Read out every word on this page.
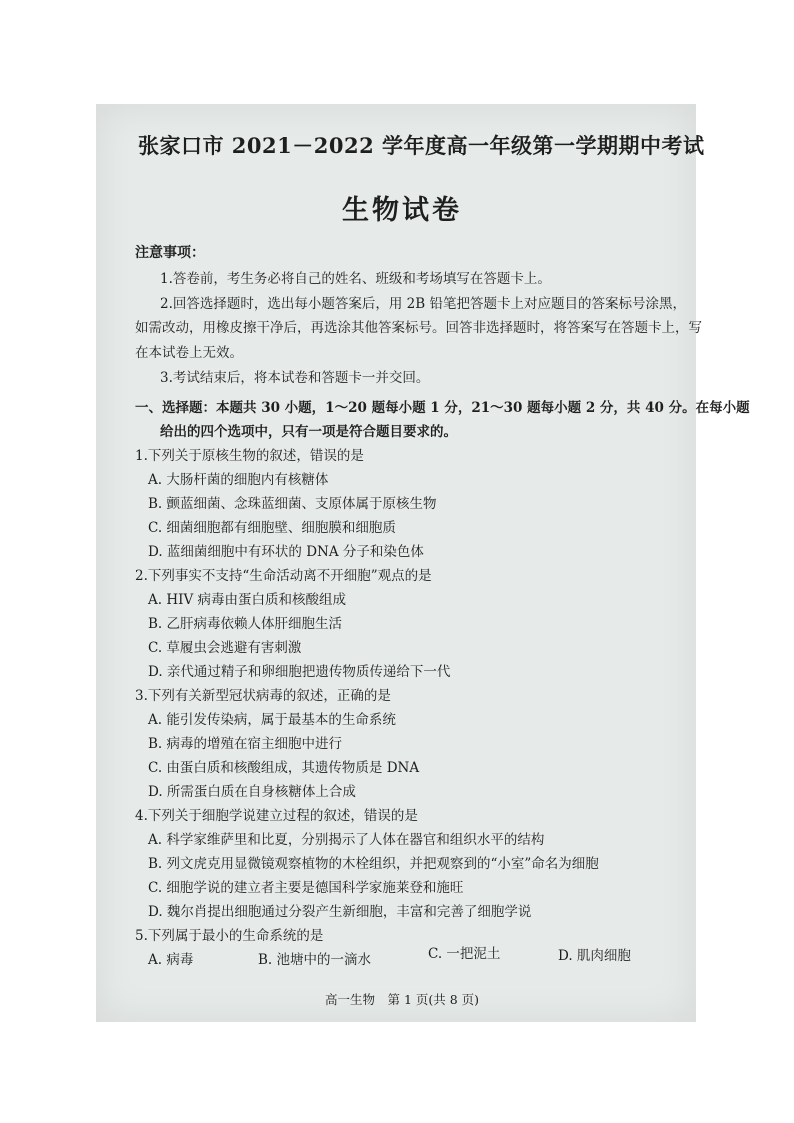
张家口市 2021－2022 学年度高一年级第一学期期中考试
生物试卷
注意事项：
1.答卷前，考生务必将自己的姓名、班级和考场填写在答题卡上。
2.回答选择题时，选出每小题答案后，用 2B 铅笔把答题卡上对应题目的答案标号涂黑，
如需改动，用橡皮擦干净后，再选涂其他答案标号。回答非选择题时，将答案写在答题卡上，写
在本试卷上无效。
3.考试结束后，将本试卷和答题卡一并交回。
一、选择题：本题共 30 小题，1～20 题每小题 1 分，21～30 题每小题 2 分，共 40 分。在每小题
给出的四个选项中，只有一项是符合题目要求的。
1.下列关于原核生物的叙述，错误的是
A. 大肠杆菌的细胞内有核糖体
B. 颤蓝细菌、念珠蓝细菌、支原体属于原核生物
C. 细菌细胞都有细胞壁、细胞膜和细胞质
D. 蓝细菌细胞中有环状的 DNA 分子和染色体
2.下列事实不支持“生命活动离不开细胞”观点的是
A. HIV 病毒由蛋白质和核酸组成
B. 乙肝病毒依赖人体肝细胞生活
C. 草履虫会逃避有害刺激
D. 亲代通过精子和卵细胞把遗传物质传递给下一代
3.下列有关新型冠状病毒的叙述，正确的是
A. 能引发传染病，属于最基本的生命系统
B. 病毒的增殖在宿主细胞中进行
C. 由蛋白质和核酸组成，其遗传物质是 DNA
D. 所需蛋白质在自身核糖体上合成
4.下列关于细胞学说建立过程的叙述，错误的是
A. 科学家维萨里和比夏，分别揭示了人体在器官和组织水平的结构
B. 列文虎克用显微镜观察植物的木栓组织，并把观察到的“小室”命名为细胞
C. 细胞学说的建立者主要是德国科学家施莱登和施旺
D. 魏尔肖提出细胞通过分裂产生新细胞，丰富和完善了细胞学说
5.下列属于最小的生命系统的是
A. 病毒	B. 池塘中的一滴水	C. 一把泥土	D. 肌肉细胞
高一生物　第 1 页(共 8 页)
